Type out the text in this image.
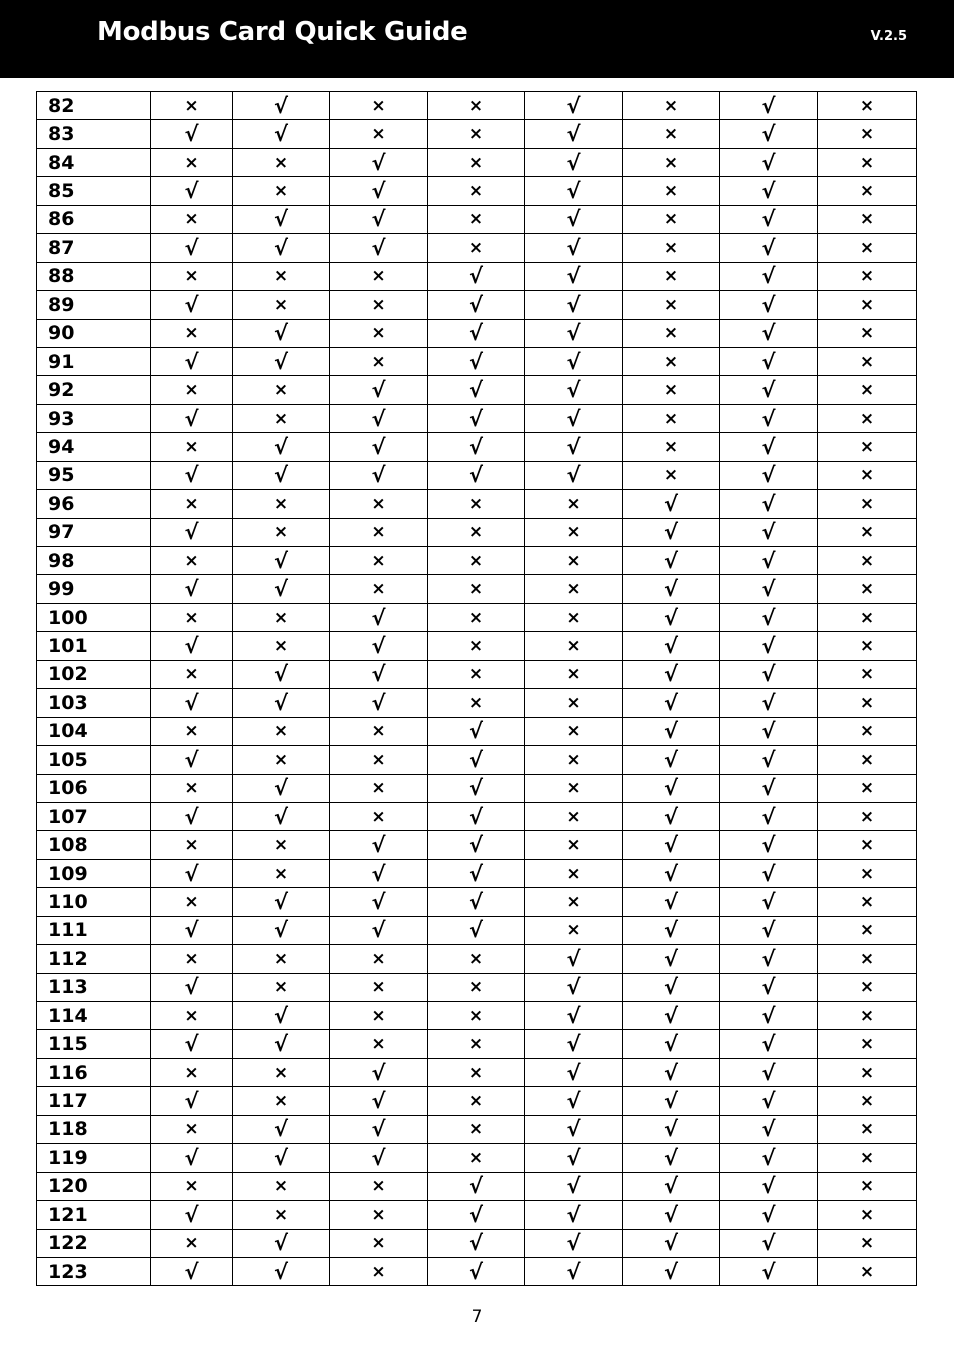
Modbus Card Quick Guide	V.2.5
82	×	√	×	×	√	×	√	×
83	√	√	×	×	√	×	√	×
84	×	×	√	×	√	×	√	×
85	√	×	√	×	√	×	√	×
86	×	√	√	×	√	×	√	×
87	√	√	√	×	√	×	√	×
88	×	×	×	√	√	×	√	×
89	√	×	×	√	√	×	√	×
90	×	√	×	√	√	×	√	×
91	√	√	×	√	√	×	√	×
92	×	×	√	√	√	×	√	×
93	√	×	√	√	√	×	√	×
94	×	√	√	√	√	×	√	×
95	√	√	√	√	√	×	√	×
96	×	×	×	×	×	√	√	×
97	√	×	×	×	×	√	√	×
98	×	√	×	×	×	√	√	×
99	√	√	×	×	×	√	√	×
100	×	×	√	×	×	√	√	×
101	√	×	√	×	×	√	√	×
102	×	√	√	×	×	√	√	×
103	√	√	√	×	×	√	√	×
104	×	×	×	√	×	√	√	×
105	√	×	×	√	×	√	√	×
106	×	√	×	√	×	√	√	×
107	√	√	×	√	×	√	√	×
108	×	×	√	√	×	√	√	×
109	√	×	√	√	×	√	√	×
110	×	√	√	√	×	√	√	×
111	√	√	√	√	×	√	√	×
112	×	×	×	×	√	√	√	×
113	√	×	×	×	√	√	√	×
114	×	√	×	×	√	√	√	×
115	√	√	×	×	√	√	√	×
116	×	×	√	×	√	√	√	×
117	√	×	√	×	√	√	√	×
118	×	√	√	×	√	√	√	×
119	√	√	√	×	√	√	√	×
120	×	×	×	√	√	√	√	×
121	√	×	×	√	√	√	√	×
122	×	√	×	√	√	√	√	×
123	√	√	×	√	√	√	√	×
7
